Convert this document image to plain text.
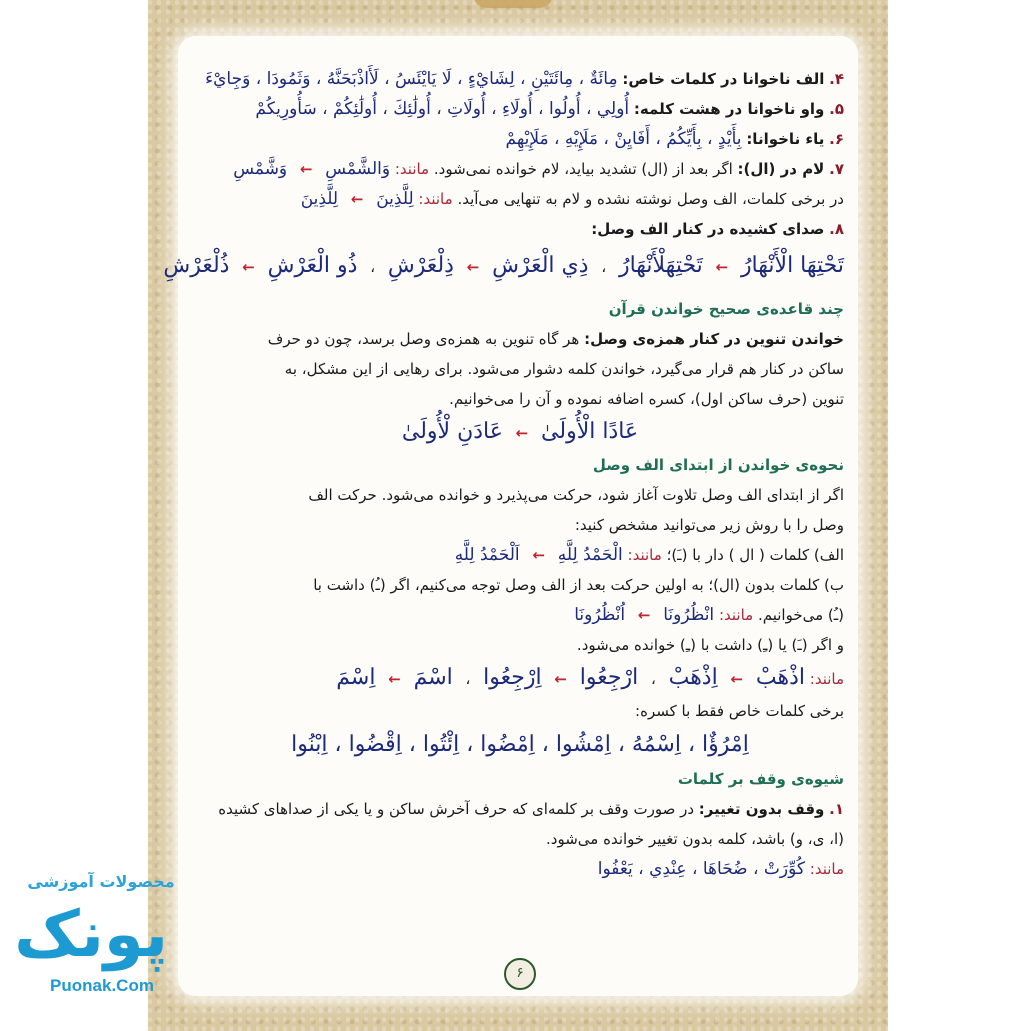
۴. الف ناخوانا در کلمات خاص: مِائَةٌ ، مِائَتَيْنِ ، لِشَايْءٍ ، لَا يَايْئَسُ ، لَأَاذْبَحَنَّهُ ، وَثَمُودَا ، وَجِايْءَ
۵. واو ناخوانا در هشت کلمه: أُولِي ، أُولُوا ، أُولَاءِ ، أُولَاتِ ، أُولَٰئِكَ ، أُولَٰئِكُمْ ، سَأُورِيكُمْ
۶. یاء ناخوانا: بِأَيْدٍ ، بِأَيِّكُمُ ، أَفَايِنْ ، مَلَإِيْهِ ، مَلَإِيْهِمْ
۷. لام در (ال): اگر بعد از (ال) تشدید بیاید، لام خوانده نمی‌شود. مانند: وَالشَّمْسِ ← وَشَّمْسِ
در برخی کلمات، الف وصل نوشته نشده و لام به تنهایی می‌آید. مانند: لِلَّذِينَ ← لِلَّذِينَ
۸. صدای کشیده در کنار الف وصل:
تَحْتِهَا الْأَنْهَارُ ← تَحْتِهَلْأَنْهَارُ ، ذِي الْعَرْشِ ← ذِلْعَرْشِ ، ذُو الْعَرْشِ ← ذُلْعَرْشِ
چند قاعده‌ی صحیح خواندن قرآن
خواندن تنوین در کنار همزه‌ی وصل: هر گاه تنوین به همزه‌ی وصل برسد، چون دو حرف
ساکن در کنار هم قرار می‌گیرد، خواندن کلمه دشوار می‌شود. برای رهایی از این مشکل، به
تنوین (حرف ساکن اول)، کسره اضافه نموده و آن را می‌خوانیم.
عَادًا الْأُولَىٰ ← عَادَنِ لْأُولَىٰ
نحوه‌ی خواندن از ابتدای الف وصل
اگر از ابتدای الف وصل تلاوت آغاز شود، حرکت می‌پذیرد و خوانده می‌شود. حرکت الف
وصل را با روش زیر می‌توانید مشخص کنید:
الف) کلمات ( ال ) دار با (ـَ)؛ مانند: الْحَمْدُ لِلَّهِ ← اَلْحَمْدُ لِلَّهِ
ب) کلمات بدون (ال)؛ به اولین حرکت بعد از الف وصل توجه می‌کنیم، اگر (ـُ) داشت با
(ـُ) می‌خوانیم. مانند: انْظُرُونَا ← اُنْظُرُونَا
و اگر (ـَ) یا (ـِ) داشت با (ـِ) خوانده می‌شود.
مانند: اذْهَبْ ← اِذْهَبْ ، ارْجِعُوا ← اِرْجِعُوا ، اسْمَ ← اِسْمَ
برخی کلمات خاص فقط با کسره:
اِمْرُؤٌا ، اِسْمُهُ ، اِمْشُوا ، اِمْضُوا ، اِئْتُوا ، اِقْضُوا ، اِبْنُوا
شیوه‌ی وقف بر کلمات
۱. وقف بدون تغییر: در صورت وقف بر کلمه‌ای که حرف آخرش ساکن و یا یکی از صداهای کشیده
(ا، ی، و) باشد، کلمه بدون تغییر خوانده می‌شود.
مانند: كُوِّرَتْ ، ضُحَاهَا ، عِنْدِي ، يَعْفُوا
۶
محصولات آموزشی
پونک
Puonak.Com
